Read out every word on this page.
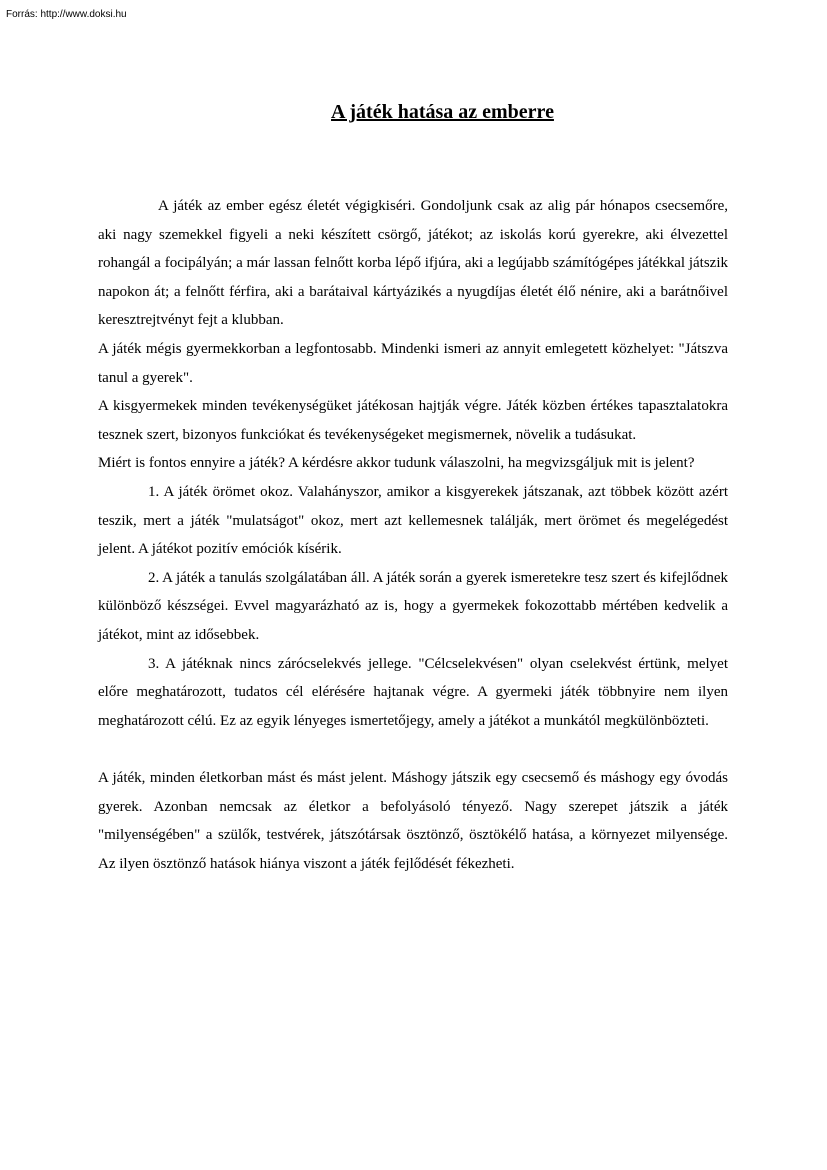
Forrás: http://www.doksi.hu
A játék hatása az emberre

A játék az ember egész életét végigkiséri. Gondoljunk csak az alig pár hónapos csecsemőre, aki nagy szemekkel figyeli a neki készített csörgő, játékot; az iskolás korú gyerekre, aki élvezettel rohangál a focipályán; a már lassan felnőtt korba lépő ifjúra, aki a legújabb számítógépes játékkal játszik napokon át; a felnőtt férfira, aki a barátaival kártyázikés a nyugdíjas életét élő nénire, aki a barátnőivel keresztrejtvényt fejt a klubban.

A játék mégis gyermekkorban a legfontosabb. Mindenki ismeri az annyit emlegetett közhelyet: "Játszva tanul a gyerek".

A kisgyermekek minden tevékenységüket játékosan hajtják végre. Játék közben értékes tapasztalatokra tesznek szert, bizonyos funkciókat és tevékenységeket megismernek, növelik a tudásukat.

Miért is fontos ennyire a játék? A kérdésre akkor tudunk válaszolni, ha megvizsgáljuk mit is jelent?

1. A játék örömet okoz. Valahányszor, amikor a kisgyerekek játszanak, azt többek között azért teszik, mert a játék "mulatságot" okoz, mert azt kellemesnek találják, mert örömet és megelégedést jelent. A játékot pozitív emóciók kísérik.

2. A játék a tanulás szolgálatában áll. A játék során a gyerek ismeretekre tesz szert és kifejlődnek különböző készségei. Evvel magyarázható az is, hogy a gyermekek fokozottabb mértében kedvelik a játékot, mint az idősebbek.

3. A játéknak nincs zárócselekvés jellege. "Célcselekvésen" olyan cselekvést értünk, melyet előre meghatározott, tudatos cél elérésére hajtanak végre. A gyermeki játék többnyire nem ilyen meghatározott célú. Ez az egyik lényeges ismertetőjegy, amely a játékot a munkától megkülönbözteti.

A játék, minden életkorban mást és mást jelent. Máshogy játszik egy csecsemő és máshogy egy óvodás gyerek. Azonban nemcsak az életkor a befolyásoló tényező. Nagy szerepet játszik a játék "milyenségében" a szülők, testvérek, játszótársak ösztönző, ösztökélő hatása, a környezet milyensége. Az ilyen ösztönző hatások hiánya viszont a játék fejlődését fékezheti.
